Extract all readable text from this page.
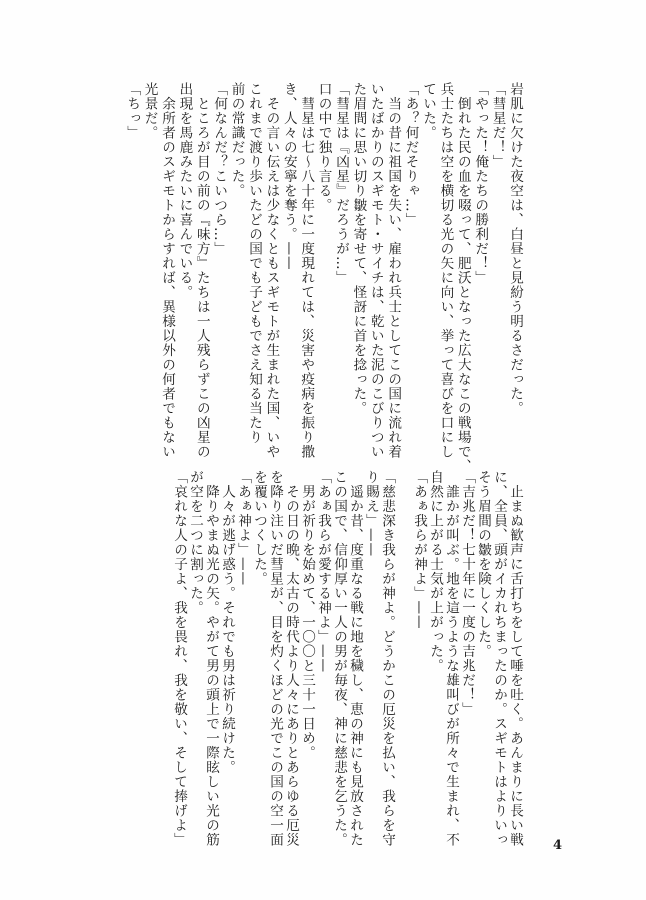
岩肌に欠けた夜空は、白昼と見紛う明るさだった。
「彗星だ！」
「やった！俺たちの勝利だ！」
　倒れた民の血を啜って、肥沃となった広大なこの戦場で、
兵士たちは空を横切る光の矢に向い、挙って喜びを口にし
ていた。
「あ？何だそりゃ…」
　当の昔に祖国を失い、雇われ兵士としてこの国に流れ着
いたばかりのスギモト・サイチは、乾いた泥のこびりつい
た眉間に思い切り皺を寄せて、怪訝に首を捻った。
「彗星は『凶星』だろうが…」
口の中で独り言る。
　彗星は七〜八十年に一度現れては、災害や疫病を振り撒
き、人々の安寧を奪う。——
　その言い伝えは少なくともスギモトが生まれた国、いや
これまで渡り歩いたどの国でも子どもでさえ知る当たり
前の常識だった。
「何なんだ？こいつら…」
　ところが目の前の『味方』たちは一人残らずこの凶星の
出現を馬鹿みたいに喜んでいる。
　余所者のスギモトからすれば、異様以外の何者でもない
光景だ。
「ちっ」
　止まぬ歓声に舌打ちをして唾を吐く。あんまりに長い戦
に、全員、頭がイカれちまったのか。スギモトはよりいっ
そう眉間の皺を険しくした。
「吉兆だ！七十年に一度の吉兆だ！」
　誰かが叫ぶ。地を這うような雄叫びが所々で生まれ、不
自然に上がる士気が上がった。
「あぁ我らが神よ」——
「慈悲深き我らが神よ。どうかこの厄災を払い、我らを守
り賜え」——
　遥か昔、度重なる戦に地を穢し、恵の神にも見放された
この国で、信仰厚い一人の男が毎夜、神に慈悲を乞うた。
「あぁ我らが愛する神よ」——
　男が祈りを始めて、一〇〇と三十一日め。
　その日の晩、太古の時代より人々にありとあらゆる厄災
を降り注いだ彗星が、目を灼くほどの光でこの国の空一面
を覆いつくした。
「あぁ神よ」——
　人々が逃げ惑う。それでも男は祈り続けた。
　降りやまぬ光の矢。やがて男の頭上で一際眩しい光の筋
が空を二つに割った。
「哀れな人の子よ、我を畏れ、我を敬い、そして捧げよ」	4
